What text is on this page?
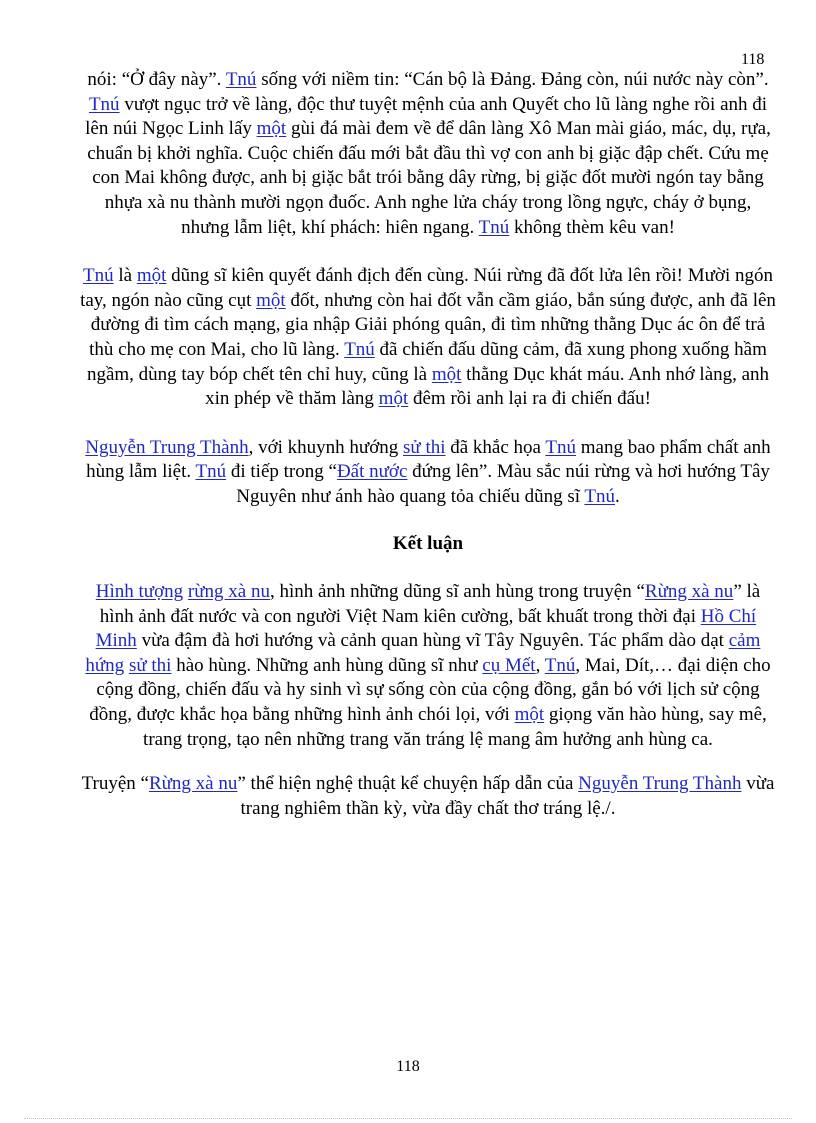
118

nói: “Ở đây này”. Tnú sống với niềm tin: “Cán bộ là Đảng. Đảng còn, núi nước này còn”. Tnú vượt ngục trở về làng, độc thư tuyệt mệnh của anh Quyết cho lũ làng nghe rồi anh đi lên núi Ngọc Linh lấy một gùi đá mài đem về để dân làng Xô Man mài giáo, mác, dụ, rựa, chuẩn bị khởi nghĩa. Cuộc chiến đấu mới bắt đầu thì vợ con anh bị giặc đập chết. Cứu mẹ con Mai không được, anh bị giặc bắt trói bằng dây rừng, bị giặc đốt mười ngón tay bằng nhựa xà nu thành mười ngọn đuốc. Anh nghe lửa cháy trong lồng ngực, cháy ở bụng, nhưng lẫm liệt, khí phách: hiên ngang. Tnú không thèm kêu van!

Tnú là một dũng sĩ kiên quyết đánh địch đến cùng. Núi rừng đã đốt lửa lên rồi! Mười ngón tay, ngón nào cũng cụt một đốt, nhưng còn hai đốt vẫn cầm giáo, bắn súng được, anh đã lên đường đi tìm cách mạng, gia nhập Giải phóng quân, đi tìm những thằng Dục ác ôn để trả thù cho mẹ con Mai, cho lũ làng. Tnú đã chiến đấu dũng cảm, đã xung phong xuống hầm ngầm, dùng tay bóp chết tên chỉ huy, cũng là một thằng Dục khát máu. Anh nhớ làng, anh xin phép về thăm làng một đêm rồi anh lại ra đi chiến đấu!

Nguyễn Trung Thành, với khuynh hướng sử thi đã khắc họa Tnú mang bao phẩm chất anh hùng lẫm liệt. Tnú đi tiếp trong “Đất nước đứng lên”. Màu sắc núi rừng và hơi hướng Tây Nguyên như ánh hào quang tỏa chiếu dũng sĩ Tnú.

Kết luận

Hình tượng rừng xà nu, hình ảnh những dũng sĩ anh hùng trong truyện “Rừng xà nu” là hình ảnh đất nước và con người Việt Nam kiên cường, bất khuất trong thời đại Hồ Chí Minh vừa đậm đà hơi hướng và cảnh quan hùng vĩ Tây Nguyên. Tác phẩm dào dạt cảm hứng sử thi hào hùng. Những anh hùng dũng sĩ như cụ Mết, Tnú, Mai, Dít,… đại diện cho cộng đồng, chiến đấu và hy sinh vì sự sống còn của cộng đồng, gắn bó với lịch sử cộng đồng, được khắc họa bằng những hình ảnh chói lọi, với một giọng văn hào hùng, say mê, trang trọng, tạo nên những trang văn tráng lệ mang âm hưởng anh hùng ca.

Truyện “Rừng xà nu” thể hiện nghệ thuật kể chuyện hấp dẫn của Nguyễn Trung Thành vừa trang nghiêm thần kỳ, vừa đầy chất thơ tráng lệ./.

118
